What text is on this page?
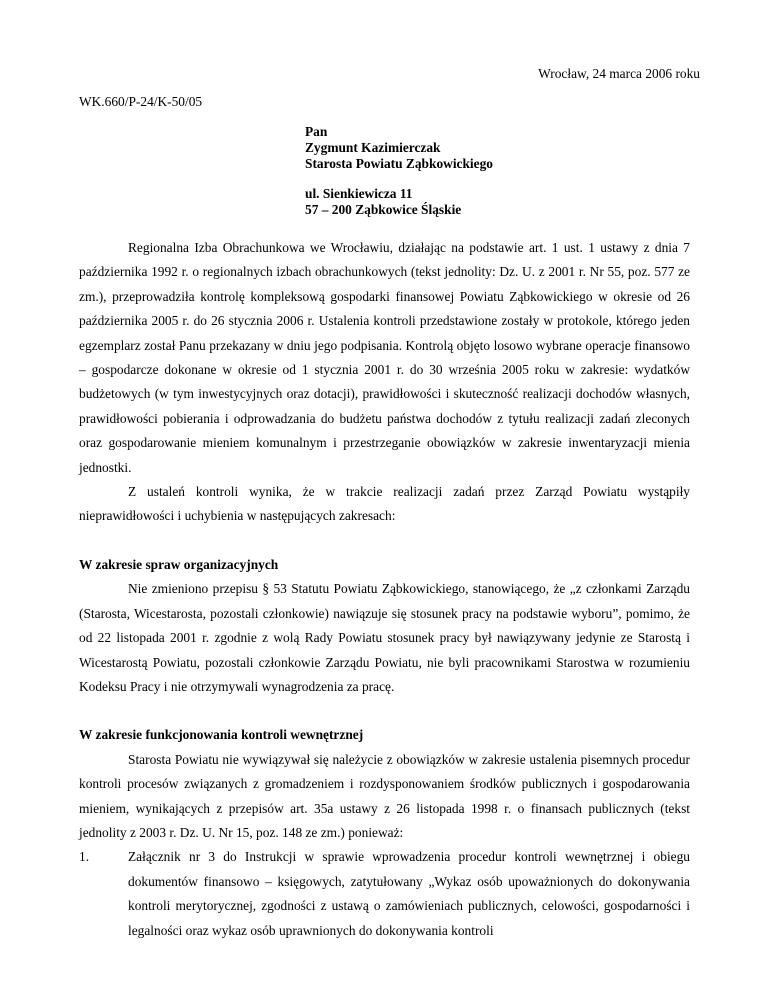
Wrocław, 24 marca 2006 roku
WK.660/P-24/K-50/05
Pan
Zygmunt Kazimierczak
Starosta Powiatu Ząbkowickiego
ul. Sienkiewicza 11
57 – 200 Ząbkowice Śląskie

Regionalna Izba Obrachunkowa we Wrocławiu, działając na podstawie art. 1 ust. 1 ustawy z dnia 7 października 1992 r. o regionalnych izbach obrachunkowych (tekst jednolity: Dz. U. z 2001 r. Nr 55, poz. 577 ze zm.), przeprowadziła kontrolę kompleksową gospodarki finansowej Powiatu Ząbkowickiego w okresie od 26 października 2005 r. do 26 stycznia 2006 r. Ustalenia kontroli przedstawione zostały w protokole, którego jeden egzemplarz został Panu przekazany w dniu jego podpisania. Kontrolą objęto losowo wybrane operacje finansowo – gospodarcze dokonane w okresie od 1 stycznia 2001 r. do 30 września 2005 roku w zakresie: wydatków budżetowych (w tym inwestycyjnych oraz dotacji), prawidłowości i skuteczność realizacji dochodów własnych, prawidłowości pobierania i odprowadzania do budżetu państwa dochodów z tytułu realizacji zadań zleconych oraz gospodarowanie mieniem komunalnym i przestrzeganie obowiązków w zakresie inwentaryzacji mienia jednostki.

Z ustaleń kontroli wynika, że w trakcie realizacji zadań przez Zarząd Powiatu wystąpiły nieprawidłowości i uchybienia w następujących zakresach:

W zakresie spraw organizacyjnych

Nie zmieniono przepisu § 53 Statutu Powiatu Ząbkowickiego, stanowiącego, że „z członkami Zarządu (Starosta, Wicestarosta, pozostali członkowie) nawiązuje się stosunek pracy na podstawie wyboru”, pomimo, że od 22 listopada 2001 r. zgodnie z wolą Rady Powiatu stosunek pracy był nawiązywany jedynie ze Starostą i Wicestarostą Powiatu, pozostali członkowie Zarządu Powiatu, nie byli pracownikami Starostwa w rozumieniu Kodeksu Pracy i nie otrzymywali wynagrodzenia za pracę.

W zakresie funkcjonowania kontroli wewnętrznej

Starosta Powiatu nie wywiązywał się należycie z obowiązków w zakresie ustalenia pisemnych procedur kontroli procesów związanych z gromadzeniem i rozdysponowaniem środków publicznych i gospodarowania mieniem, wynikających z przepisów art. 35a ustawy z 26 listopada 1998 r. o finansach publicznych (tekst jednolity z 2003 r. Dz. U. Nr 15, poz. 148 ze zm.) ponieważ:

1.	Załącznik nr 3 do Instrukcji w sprawie wprowadzenia procedur kontroli wewnętrznej i obiegu dokumentów finansowo – księgowych, zatytułowany „Wykaz osób upoważnionych do dokonywania kontroli merytorycznej, zgodności z ustawą o zamówieniach publicznych, celowości, gospodarności i legalności oraz wykaz osób uprawnionych do dokonywania kontroli
